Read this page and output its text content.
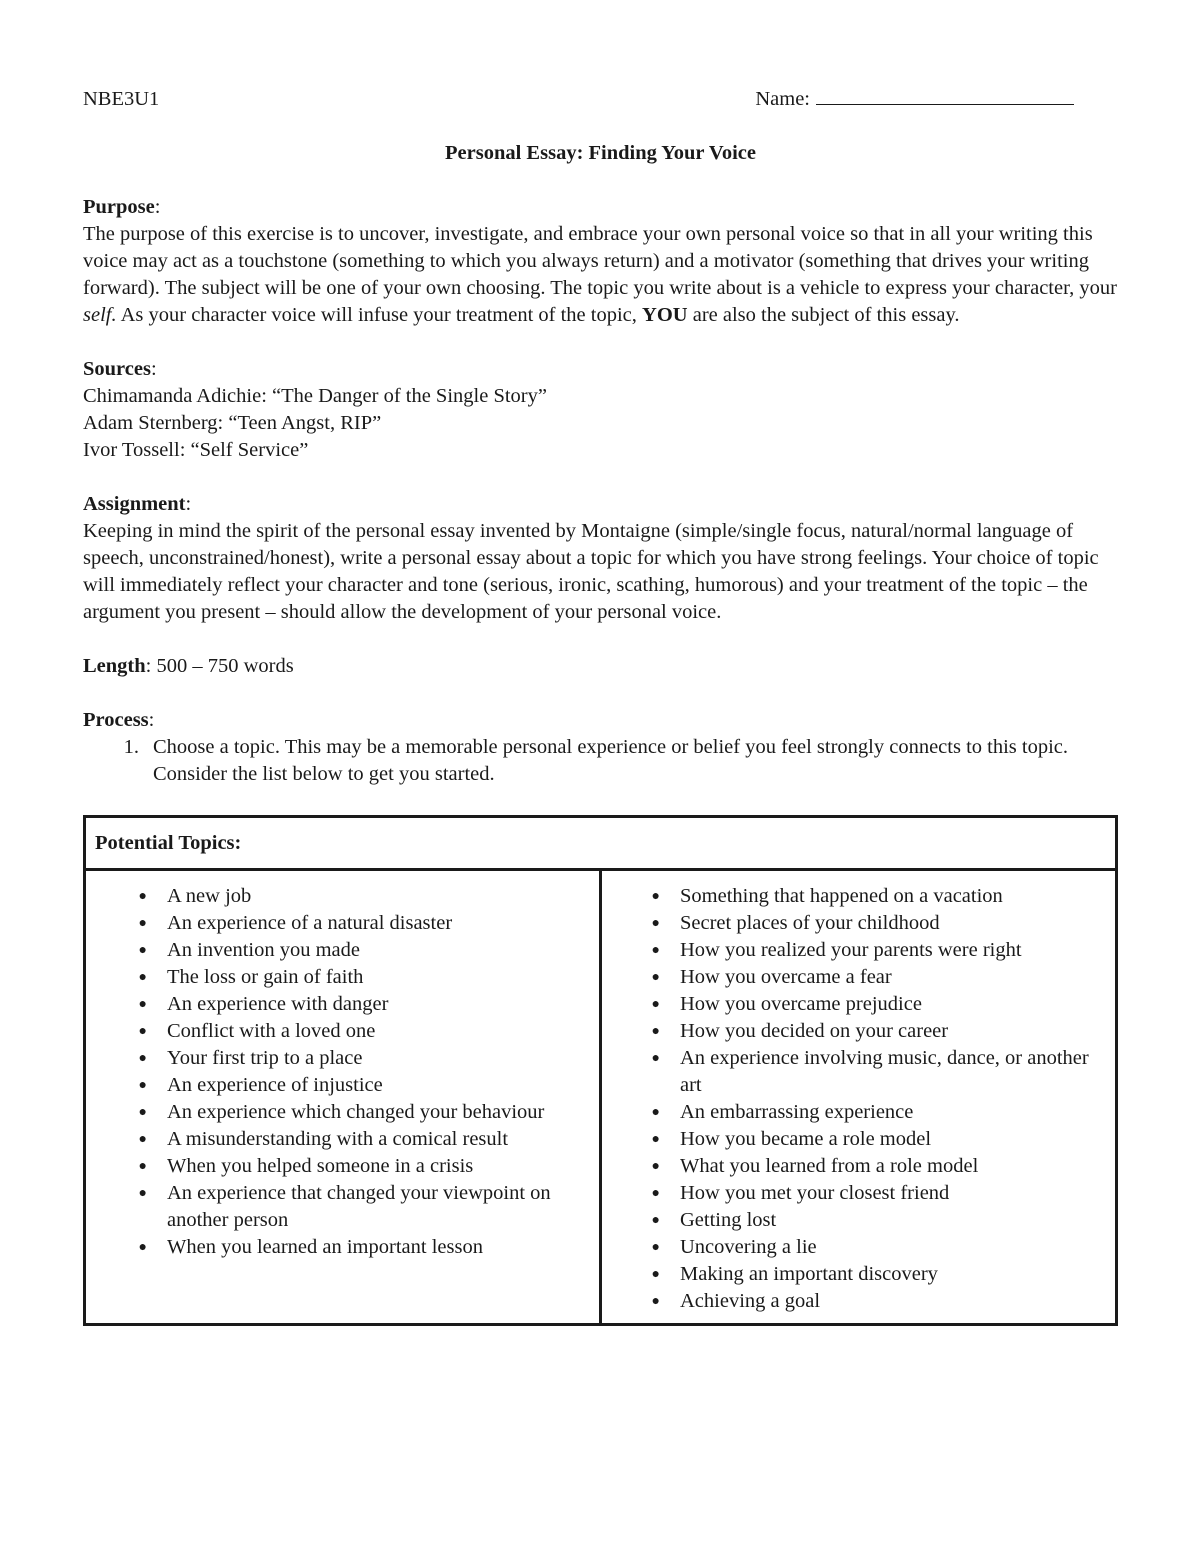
NBE3U1	Name:

Personal Essay: Finding Your Voice

Purpose:

The purpose of this exercise is to uncover, investigate, and embrace your own personal voice so that in all your writing this voice may act as a touchstone (something to which you always return) and a motivator (something that drives your writing forward). The subject will be one of your own choosing. The topic you write about is a vehicle to express your character, your self. As your character voice will infuse your treatment of the topic, YOU are also the subject of this essay.

Sources:

Chimamanda Adichie: “The Danger of the Single Story”

Adam Sternberg: “Teen Angst, RIP”

Ivor Tossell: “Self Service”

Assignment:

Keeping in mind the spirit of the personal essay invented by Montaigne (simple/single focus, natural/normal language of speech, unconstrained/honest), write a personal essay about a topic for which you have strong feelings. Your choice of topic will immediately reflect your character and tone (serious, ironic, scathing, humorous) and your treatment of the topic – the argument you present – should allow the development of your personal voice.

Length: 500 – 750 words

Process:

1. Choose a topic. This may be a memorable personal experience or belief you feel strongly connects to this topic. Consider the list below to get you started.
Potential Topics:

● A new job
● An experience of a natural disaster
● An invention you made
● The loss or gain of faith
● An experience with danger
● Conflict with a loved one
● Your first trip to a place
● An experience of injustice
● An experience which changed your behaviour
● A misunderstanding with a comical result
● When you helped someone in a crisis
● An experience that changed your viewpoint on another person
● When you learned an important lesson

● Something that happened on a vacation
● Secret places of your childhood
● How you realized your parents were right
● How you overcame a fear
● How you overcame prejudice
● How you decided on your career
● An experience involving music, dance, or another art
● An embarrassing experience
● How you became a role model
● What you learned from a role model
● How you met your closest friend
● Getting lost
● Uncovering a lie
● Making an important discovery
● Achieving a goal
